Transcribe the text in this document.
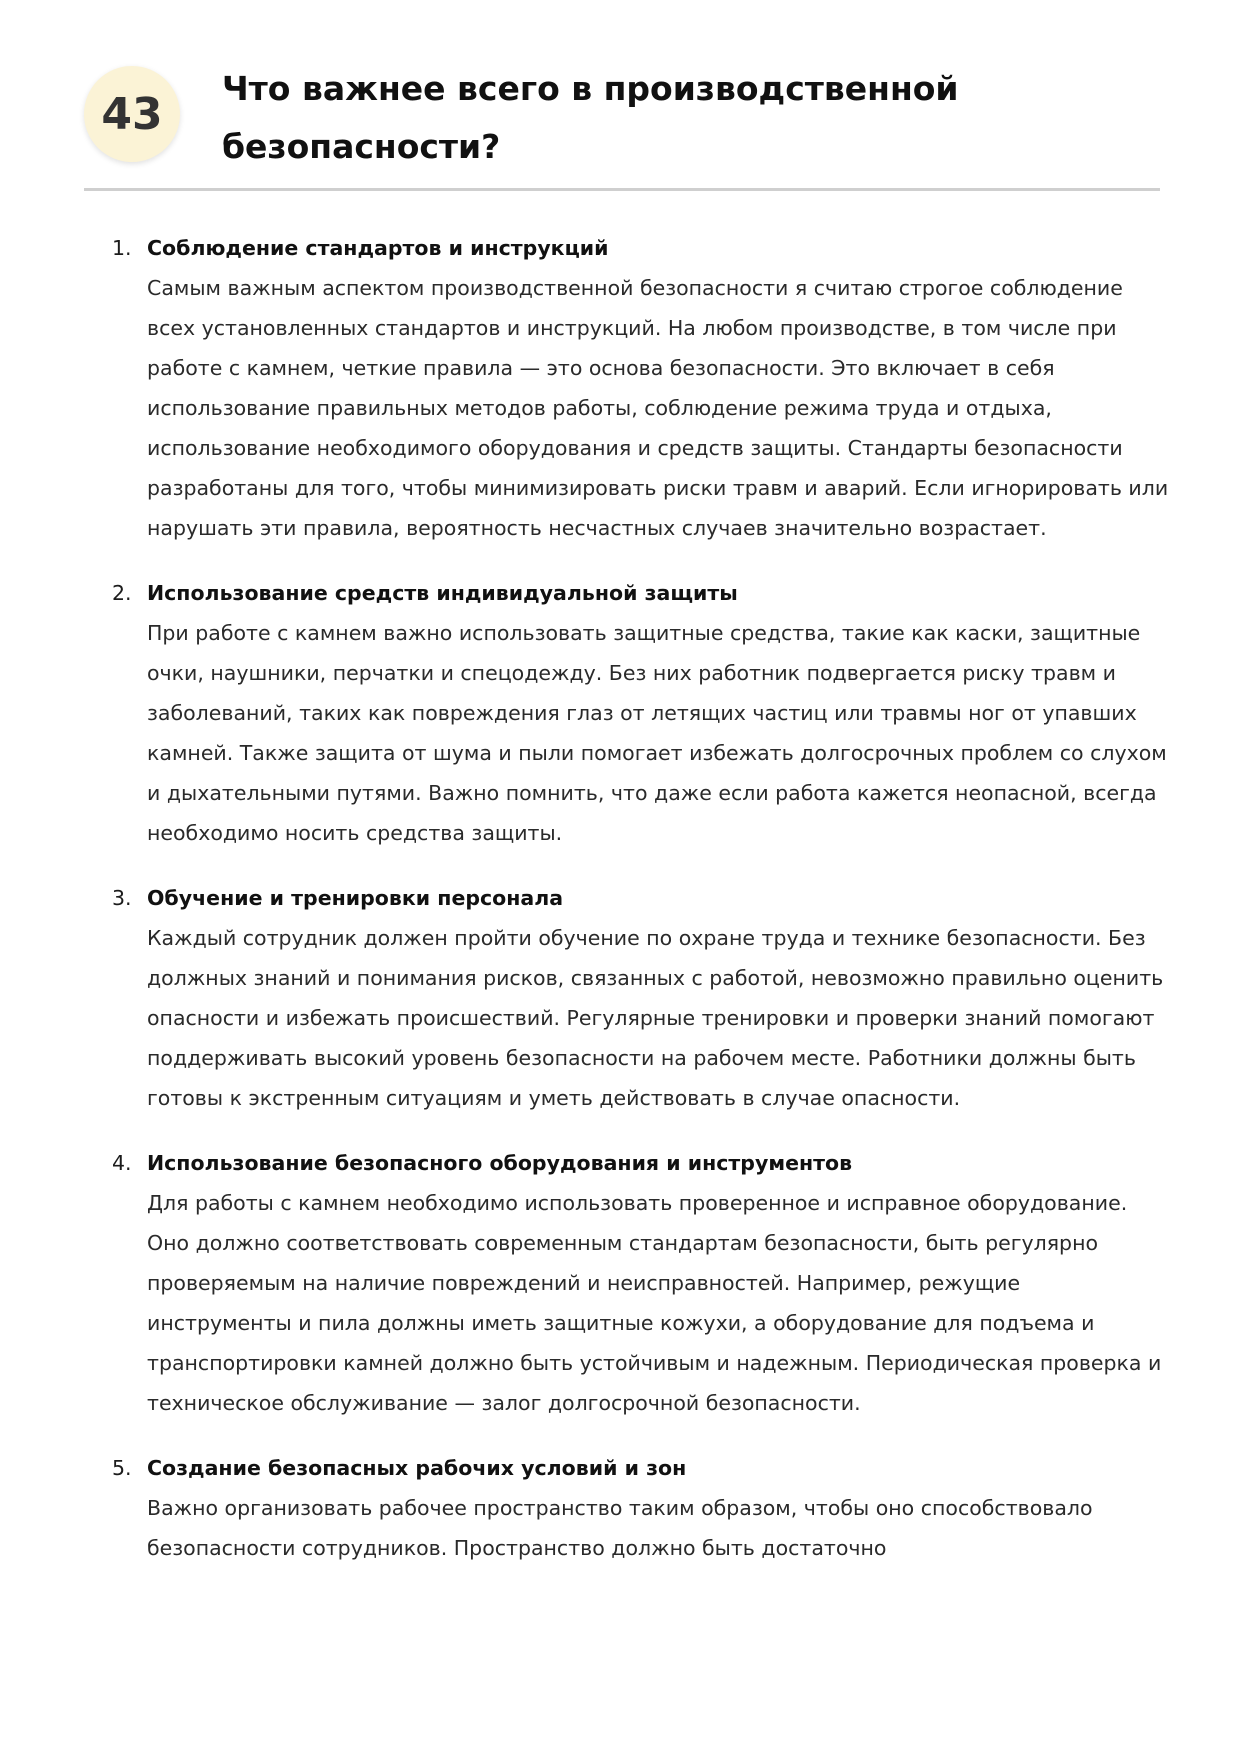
43	Что важнее всего в производственной безопасности?
1. Соблюдение стандартов и инструкций
Самым важным аспектом производственной безопасности я считаю строгое соблюдение всех установленных стандартов и инструкций. На любом производстве, в том числе при работе с камнем, четкие правила — это основа безопасности. Это включает в себя использование правильных методов работы, соблюдение режима труда и отдыха, использование необходимого оборудования и средств защиты. Стандарты безопасности разработаны для того, чтобы минимизировать риски травм и аварий. Если игнорировать или нарушать эти правила, вероятность несчастных случаев значительно возрастает.
2. Использование средств индивидуальной защиты
При работе с камнем важно использовать защитные средства, такие как каски, защитные очки, наушники, перчатки и спецодежду. Без них работник подвергается риску травм и заболеваний, таких как повреждения глаз от летящих частиц или травмы ног от упавших камней. Также защита от шума и пыли помогает избежать долгосрочных проблем со слухом и дыхательными путями. Важно помнить, что даже если работа кажется неопасной, всегда необходимо носить средства защиты.
3. Обучение и тренировки персонала
Каждый сотрудник должен пройти обучение по охране труда и технике безопасности. Без должных знаний и понимания рисков, связанных с работой, невозможно правильно оценить опасности и избежать происшествий. Регулярные тренировки и проверки знаний помогают поддерживать высокий уровень безопасности на рабочем месте. Работники должны быть готовы к экстренным ситуациям и уметь действовать в случае опасности.
4. Использование безопасного оборудования и инструментов
Для работы с камнем необходимо использовать проверенное и исправное оборудование. Оно должно соответствовать современным стандартам безопасности, быть регулярно проверяемым на наличие повреждений и неисправностей. Например, режущие инструменты и пила должны иметь защитные кожухи, а оборудование для подъема и транспортировки камней должно быть устойчивым и надежным. Периодическая проверка и техническое обслуживание — залог долгосрочной безопасности.
5. Создание безопасных рабочих условий и зон
Важно организовать рабочее пространство таким образом, чтобы оно способствовало безопасности сотрудников. Пространство должно быть достаточно
